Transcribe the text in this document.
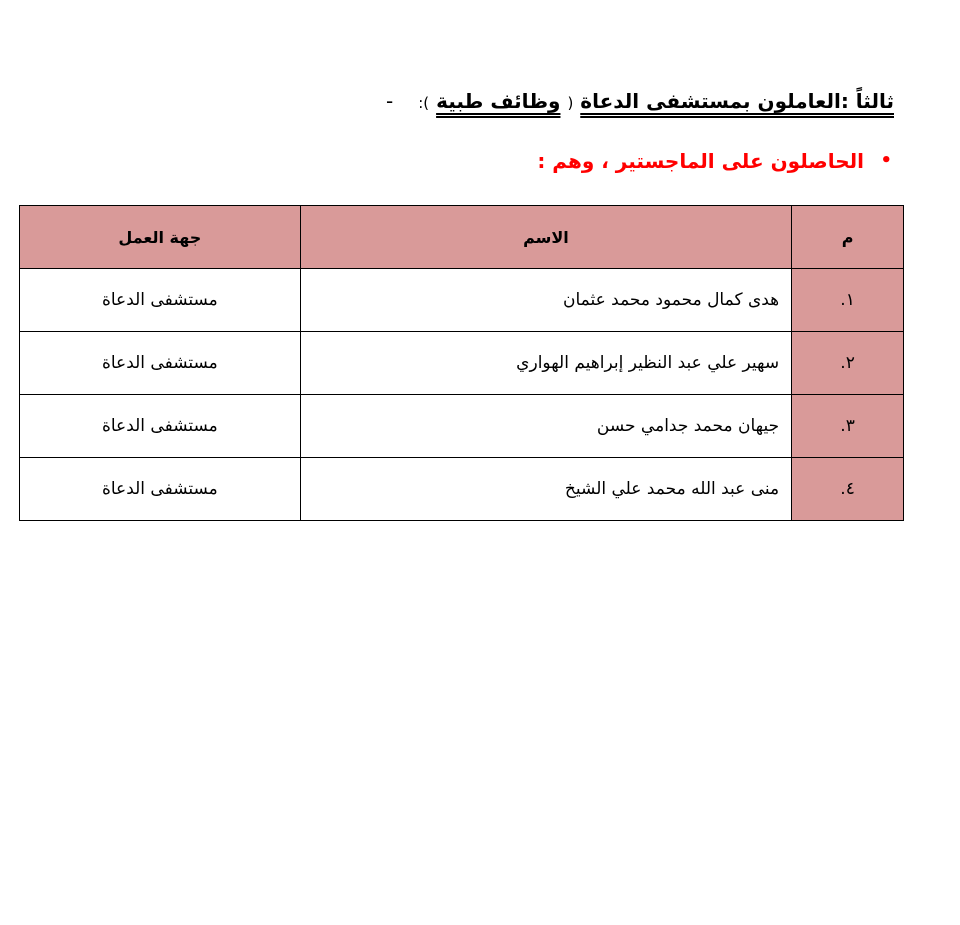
ثالثاً :العاملون بمستشفى الدعاة ( وظائف طبية ): -
•
الحاصلون على الماجستير ، وهم :
م	الاسم	جهة العمل
١.	هدى كمال محمود محمد عثمان	مستشفى الدعاة
٢.	سهير علي عبد النظير إبراهيم الهواري	مستشفى الدعاة
٣.	جيهان محمد جدامي حسن	مستشفى الدعاة
٤.	منى عبد الله محمد علي الشيخ	مستشفى الدعاة
